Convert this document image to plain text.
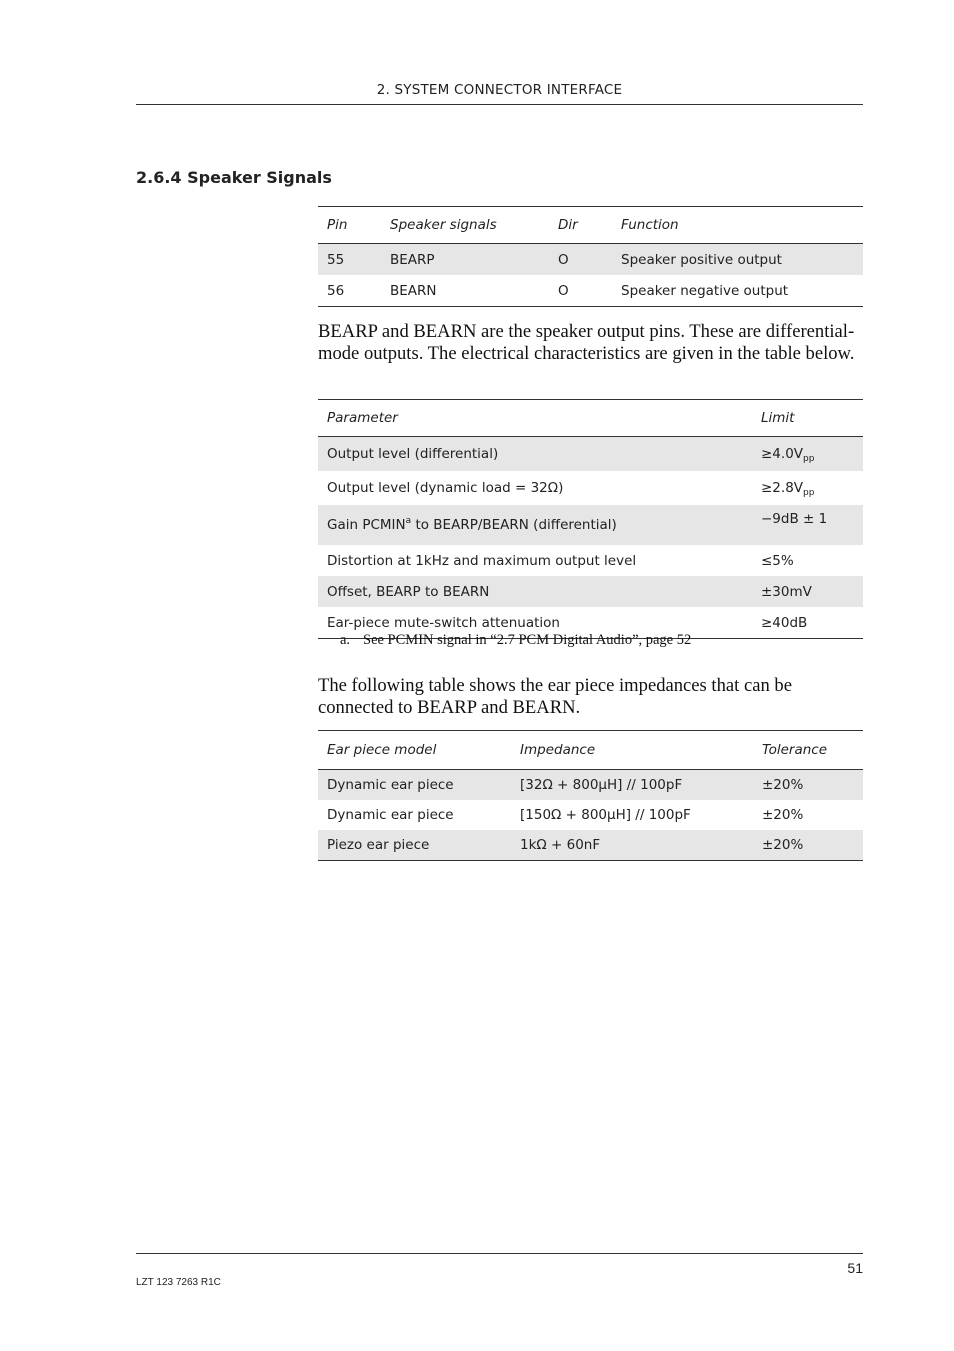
2. SYSTEM CONNECTOR INTERFACE
2.6.4 Speaker Signals
Pin	Speaker signals	Dir	Function
55	BEARP	O	Speaker positive output
56	BEARN	O	Speaker negative output

BEARP and BEARN are the speaker output pins. These are differential-mode outputs. The electrical characteristics are given in the table below.

Parameter	Limit
Output level (differential)	$\ge 4.0V_{pp}$
Output level (dynamic load = 32Ω)	$\ge 2.8V_{pp}$
Gain PCMIN$^a$ to BEARP/BEARN (differential)	−9dB ± 1
Distortion at 1kHz and maximum output level	≤5%
Offset, BEARP to BEARN	±30mV
Ear-piece mute-switch attenuation	≥40dB
a. See PCMIN signal in “2.7 PCM Digital Audio”, page 52

The following table shows the ear piece impedances that can be connected to BEARP and BEARN.

Ear piece model	Impedance	Tolerance
Dynamic ear piece	[32Ω + 800µH] // 100pF	±20%
Dynamic ear piece	[150Ω + 800µH] // 100pF	±20%
Piezo ear piece	1kΩ + 60nF	±20%
51
LZT 123 7263 R1C
